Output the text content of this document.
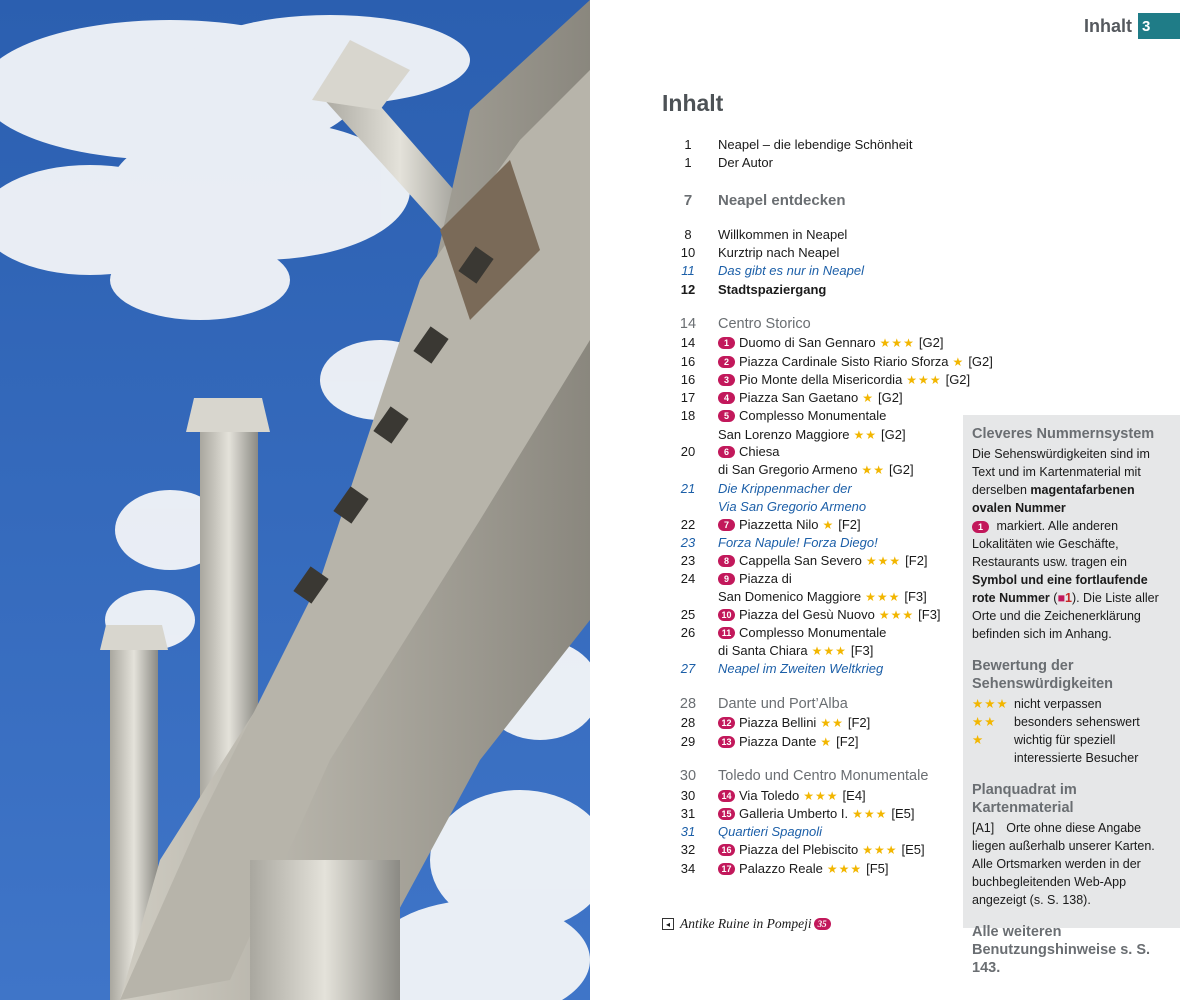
Inhalt 3
Inhalt
1	Neapel – die lebendige Schönheit
1	Der Autor
7	Neapel entdecken
8	Willkommen in Neapel
10	Kurztrip nach Neapel
11	Das gibt es nur in Neapel
12	Stadtspaziergang
14	Centro Storico
14	1 Duomo di San Gennaro ★★★ [G2]
16	2 Piazza Cardinale Sisto Riario Sforza ★ [G2]
16	3 Pio Monte della Misericordia ★★★ [G2]
17	4 Piazza San Gaetano ★ [G2]
18	5 Complesso Monumentale
San Lorenzo Maggiore ★★ [G2]
20	6 Chiesa
di San Gregorio Armeno ★★ [G2]
21	Die Krippenmacher der
Via San Gregorio Armeno
22	7 Piazzetta Nilo ★ [F2]
23	Forza Napule! Forza Diego!
23	8 Cappella San Severo ★★★ [F2]
24	9 Piazza di
San Domenico Maggiore ★★★ [F3]
25	10 Piazza del Gesù Nuovo ★★★ [F3]
26	11 Complesso Monumentale
di Santa Chiara ★★★ [F3]
27	Neapel im Zweiten Weltkrieg
28	Dante und Port’Alba
28	12 Piazza Bellini ★★ [F2]
29	13 Piazza Dante ★ [F2]
30	Toledo und Centro Monumentale
30	14 Via Toledo ★★★ [E4]
31	15 Galleria Umberto I. ★★★ [E5]
31	Quartieri Spagnoli
32	16 Piazza del Plebiscito ★★★ [E5]
34	17 Palazzo Reale ★★★ [F5]
Cleveres Nummernsystem

Die Sehenswürdigkeiten sind im Text und im Kartenmaterial mit derselben magentafarbenen ovalen Nummer
1 markiert. Alle anderen Lokalitäten wie Geschäfte, Restaurants usw. tragen ein Symbol und eine fortlaufende rote Nummer (■1). Die Liste aller Orte und die Zeichenerklärung befinden sich im Anhang.

Bewertung der Sehenswürdigkeiten
★★★ nicht verpassen
★★	besonders sehenswert
★	wichtig für speziell interessierte Besucher
Planquadrat im Kartenmaterial

[A1] Orte ohne diese Angabe liegen außerhalb unserer Karten. Alle Ortsmarken werden in der buchbegleitenden Web-App angezeigt (s. S. 138).

Alle weiteren Benutzungshinweise s. S. 143.
◂ Antike Ruine in Pompeji 35
